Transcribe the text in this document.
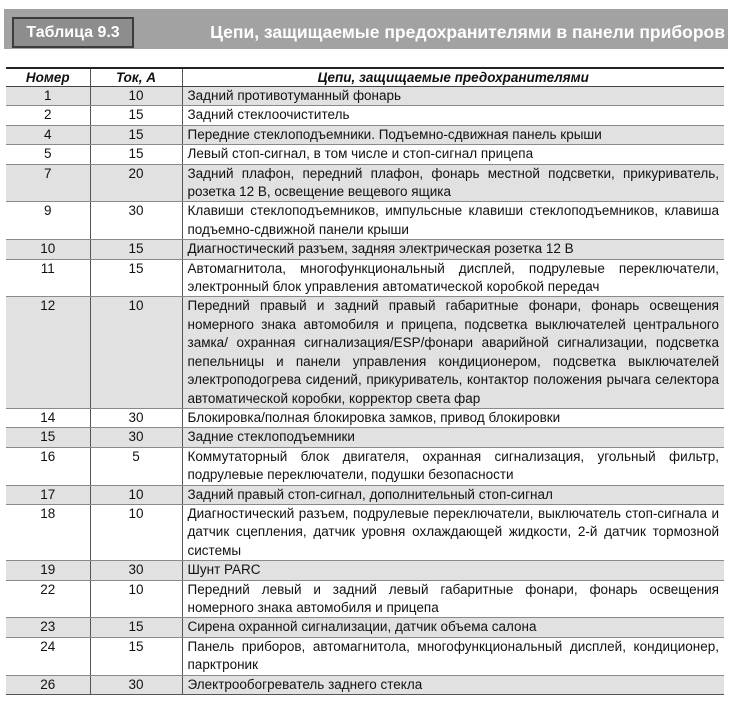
Таблица 9.3	Цепи, защищаемые предохранителями в панели приборов
Номер	Ток, А	Цепи, защищаемые предохранителями
1	10	Задний противотуманный фонарь
2	15	Задний стеклоочиститель
4	15	Передние стеклоподъемники. Подъемно-сдвижная панель крыши
5	15	Левый стоп-сигнал, в том числе и стоп-сигнал прицепа
7	20	Задний плафон, передний плафон, фонарь местной подсветки, прикуриватель, розетка 12 В, освещение вещевого ящика
9	30	Клавиши стеклоподъемников, импульсные клавиши стеклоподъемников, клавиша подъемно-сдвижной панели крыши
10	15	Диагностический разъем, задняя электрическая розетка 12 В
11	15	Автомагнитола, многофункциональный дисплей, подрулевые переключатели, электронный блок управления автоматической коробкой передач
12	10	Передний правый и задний правый габаритные фонари, фонарь освещения номерного знака автомобиля и прицепа, подсветка выключателей центрального замка/ охранная сигнализация/ESP/фонари аварийной сигнализации, подсветка пепельницы и панели управления кондиционером, подсветка выключателей электроподогрева сидений, прикуриватель, контактор положения рычага селектора автоматической коробки, корректор света фар
14	30	Блокировка/полная блокировка замков, привод блокировки
15	30	Задние стеклоподъемники
16	5	Коммутаторный блок двигателя, охранная сигнализация, угольный фильтр, подрулевые переключатели, подушки безопасности
17	10	Задний правый стоп-сигнал, дополнительный стоп-сигнал
18	10	Диагностический разъем, подрулевые переключатели, выключатель стоп-сигнала и датчик сцепления, датчик уровня охлаждающей жидкости, 2-й датчик тормозной системы
19	30	Шунт PARC
22	10	Передний левый и задний левый габаритные фонари, фонарь освещения номерного знака автомобиля и прицепа
23	15	Сирена охранной сигнализации, датчик объема салона
24	15	Панель приборов, автомагнитола, многофункциональный дисплей, кондиционер, парктроник
26	30	Электрообогреватель заднего стекла
